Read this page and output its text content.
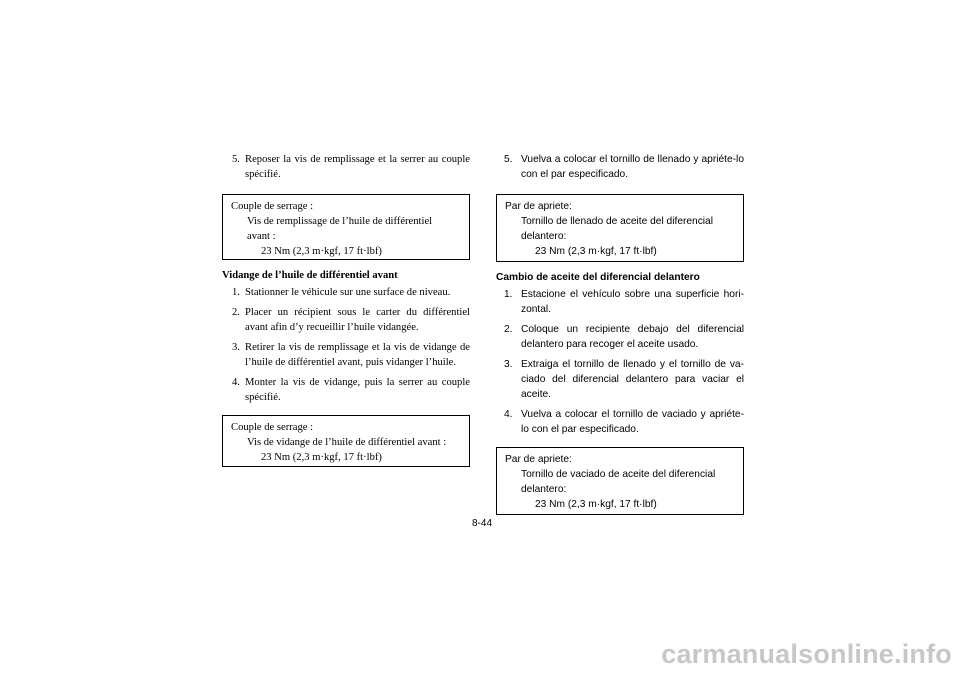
5. Reposer la vis de remplissage et la serrer au couple spécifié.

Couple de serrage :

Vis de remplissage de l’huile de différentiel avant :

23 Nm (2,3 m·kgf, 17 ft·lbf)

Vidange de l’huile de différentiel avant

1. Stationner le véhicule sur une surface de niveau.
2. Placer un récipient sous le carter du différentiel avant afin d’y recueillir l’huile vidangée.
3. Retirer la vis de remplissage et la vis de vidange de l’huile de différentiel avant, puis vidanger l’huile.
4. Monter la vis de vidange, puis la serrer au couple spécifié.

Couple de serrage :

Vis de vidange de l’huile de différentiel avant :

23 Nm (2,3 m·kgf, 17 ft·lbf)

5. Vuelva a colocar el tornillo de llenado y apriéte-lo con el par especificado.

Par de apriete:

Tornillo de llenado de aceite del diferencial delantero:

23 Nm (2,3 m·kgf, 17 ft·lbf)

Cambio de aceite del diferencial delantero

1. Estacione el vehículo sobre una superficie hori-zontal.
2. Coloque un recipiente debajo del diferencial delantero para recoger el aceite usado.
3. Extraiga el tornillo de llenado y el tornillo de va-ciado del diferencial delantero para vaciar el aceite.
4. Vuelva a colocar el tornillo de vaciado y apriéte-lo con el par especificado.

Par de apriete:

Tornillo de vaciado de aceite del diferencial delantero:

23 Nm (2,3 m·kgf, 17 ft·lbf)

8-44
carmanualsonline.info
